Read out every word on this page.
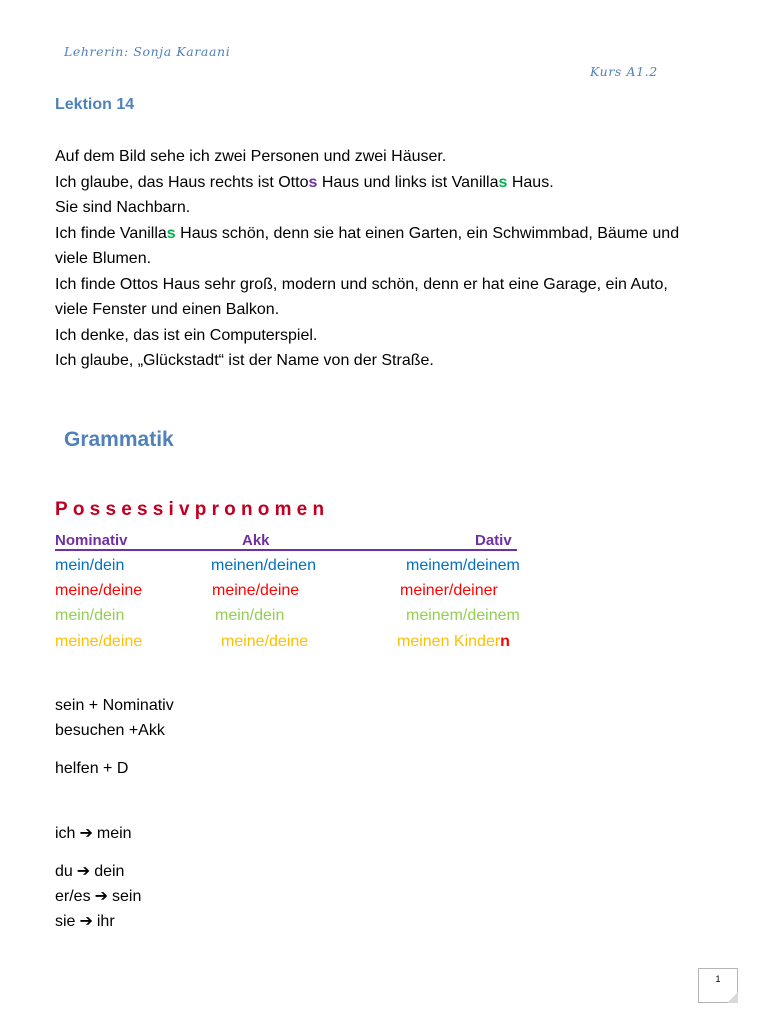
Lehrerin: Sonja Karaani
Kurs A1.2
Lektion 14
Auf dem Bild sehe ich zwei Personen und zwei Häuser.
Ich glaube, das Haus rechts ist Ottos Haus und links ist Vanillas Haus.
Sie sind Nachbarn.
Ich finde Vanillas Haus schön, denn sie hat einen Garten, ein Schwimmbad, Bäume und
viele Blumen.
Ich finde Ottos Haus sehr groß, modern und schön, denn er hat eine Garage, ein Auto,
viele Fenster und einen Balkon.
Ich denke, das ist ein Computerspiel.
Ich glaube, „Glückstadt“ ist der Name von der Straße.
Grammatik
Possessivpronomen
Nominativ	Akk	Dativ
mein/dein	meinen/deinen	meinem/deinem
meine/deine	meine/deine	meiner/deiner
mein/dein	mein/dein	meinem/deinem
meine/deine	meine/deine	meinen Kindern
sein + Nominativ
besuchen +Akk
helfen + D
ich ➔ mein
du ➔ dein
er/es ➔ sein
sie ➔ ihr
1
